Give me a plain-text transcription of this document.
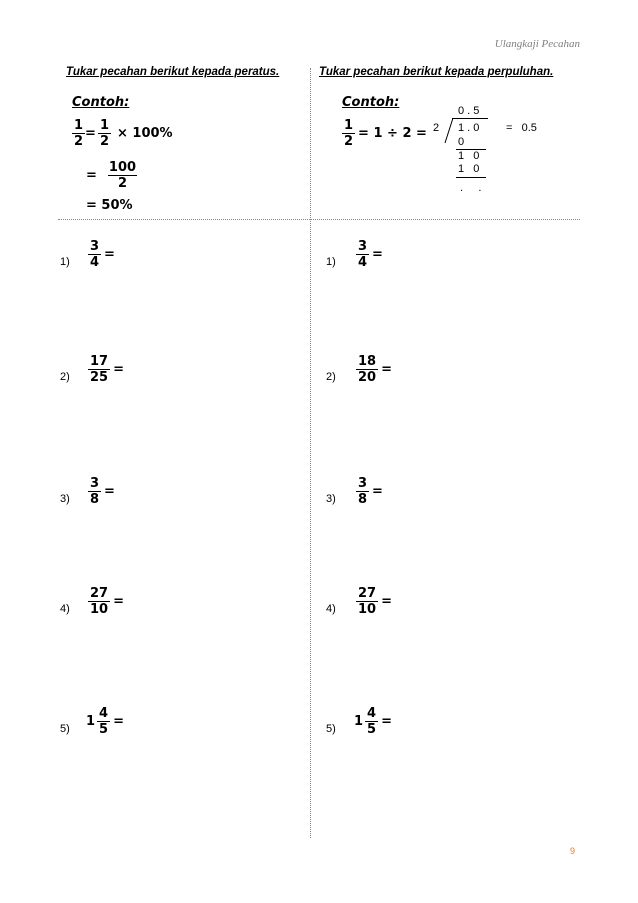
Ulangkaji Pecahan
Tukar pecahan berikut kepada peratus.
Contoh:
$\frac{1}{2} = \frac{1}{2} \times 100\%$
= $\frac{100}{2}$
= 50%
Tukar pecahan berikut kepada perpuluhan.
Contoh:
$\frac{1}{2} = 1 \div 2$ =
0 . 5
2 1 . 0
0
1   0
1   0
.     .
=   0.5
$1) \frac{3}{4}$ =
$2) \frac{17}{25}$ =
$3) \frac{3}{8}$ =
$4) \frac{27}{10}$ =
5) $1 \frac{4}{5}$ =
$1) \frac{3}{4}$ =
$2) \frac{18}{20}$ =
$3) \frac{3}{8}$ =
$4) \frac{27}{10}$ =
5) $1 \frac{4}{5}$ =
9
